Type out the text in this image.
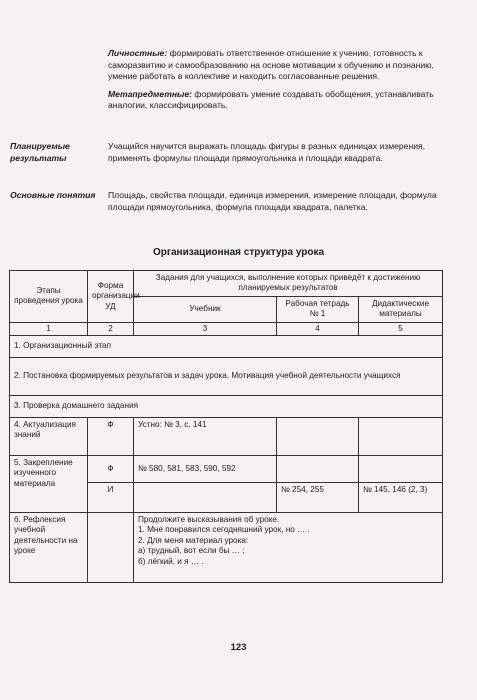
Личностные: формировать ответственное отношение к учению, готовность к саморазвитию и самообразованию на основе мотивации к обучению и познанию, умение работать в коллективе и находить согласованные решения.

Метапредметные: формировать умение создавать обобщения, устанавливать аналогии, классифицировать.

Планируемые результаты
Учащийся научится выражать площадь фигуры в разных единицах измерения, применять формулы площади прямоугольника и площади квадрата.
Основные понятия	Площадь, свойства площади, единица измерения, измерение площади, формула площади прямоугольника, формула площади квадрата, палетка.
Организационная структура урока
Этапы проведения урока	Форма организации УД	Задания для учащихся, выполнение которых приведёт к достижению планируемых результатов		
		Учебник	Рабочая тетрадь № 1	Дидактические материалы
1	2	3	4	5
1. Организационный этап				
2. Постановка формируемых результатов и задач урока. Мотивация учебной деятельности учащихся				
3. Проверка домашнего задания				
4. Актуализация знаний	Ф	Устно: № 3, с. 141		
5. Закрепление изученного материала	Ф	№ 580, 581, 583, 590, 592		
	И		№ 254, 255	№ 145, 146 (2, 3)
6. Рефлексия учебной деятельности на уроке		Продолжите высказывания об уроке.
1. Мне понравился сегодняшний урок, но … .
2. Для меня материал урока:
а) трудный, вот если бы … ;
б) лёгкий, и я … .		
123
